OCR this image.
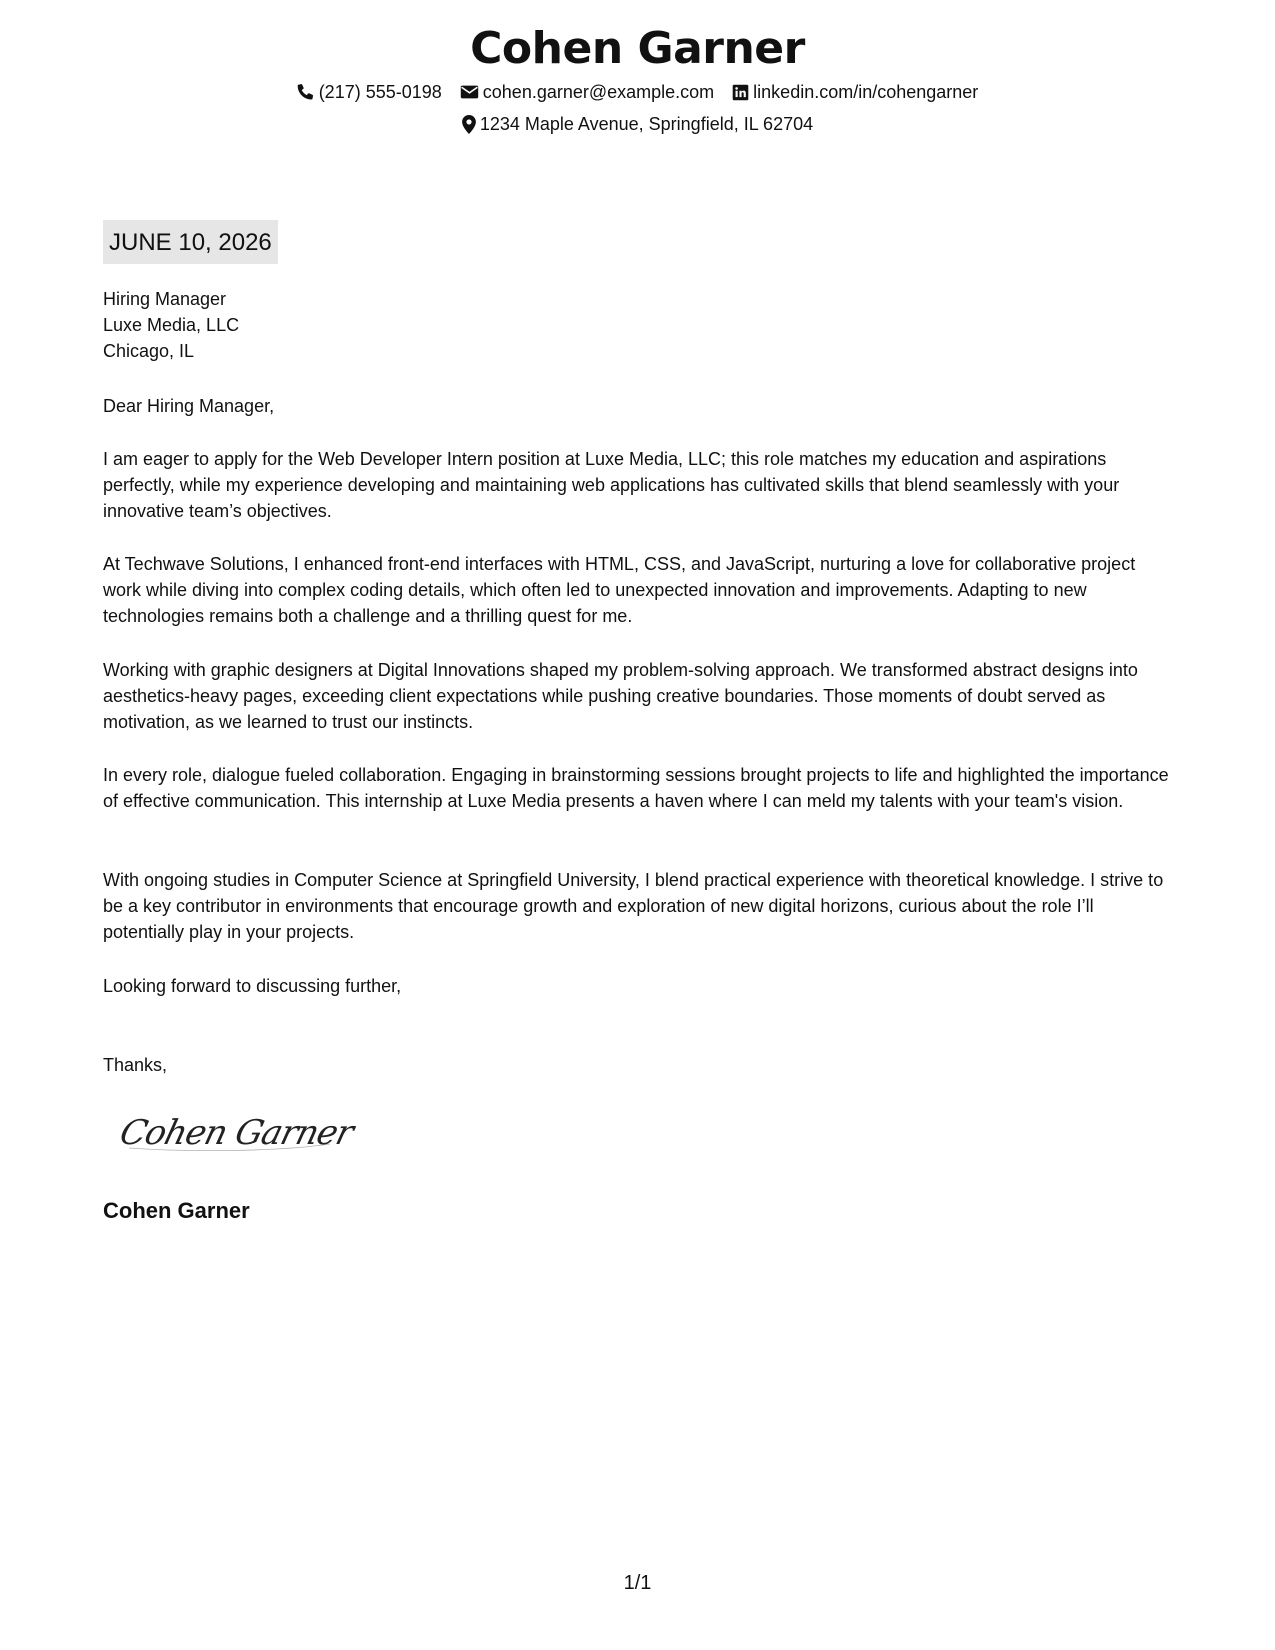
Cohen Garner
(217) 555-0198 cohen.garner@example.com linkedin.com/in/cohengarner
1234 Maple Avenue, Springfield, IL 62704
JUNE 10, 2026
Hiring Manager
Luxe Media, LLC
Chicago, IL

Dear Hiring Manager,

I am eager to apply for the Web Developer Intern position at Luxe Media, LLC; this role matches my education and aspirations perfectly, while my experience developing and maintaining web applications has cultivated skills that blend seamlessly with your innovative team’s objectives.

At Techwave Solutions, I enhanced front-end interfaces with HTML, CSS, and JavaScript, nurturing a love for collaborative project work while diving into complex coding details, which often led to unexpected innovation and improvements. Adapting to new technologies remains both a challenge and a thrilling quest for me.

Working with graphic designers at Digital Innovations shaped my problem-solving approach. We transformed abstract designs into aesthetics-heavy pages, exceeding client expectations while pushing creative boundaries. Those moments of doubt served as motivation, as we learned to trust our instincts.

In every role, dialogue fueled collaboration. Engaging in brainstorming sessions brought projects to life and highlighted the importance of effective communication. This internship at Luxe Media presents a haven where I can meld my talents with your team's vision.

With ongoing studies in Computer Science at Springfield University, I blend practical experience with theoretical knowledge. I strive to be a key contributor in environments that encourage growth and exploration of new digital horizons, curious about the role I’ll potentially play in your projects.

Looking forward to discussing further,

Thanks,

Cohen Garner
Cohen Garner
1/1
